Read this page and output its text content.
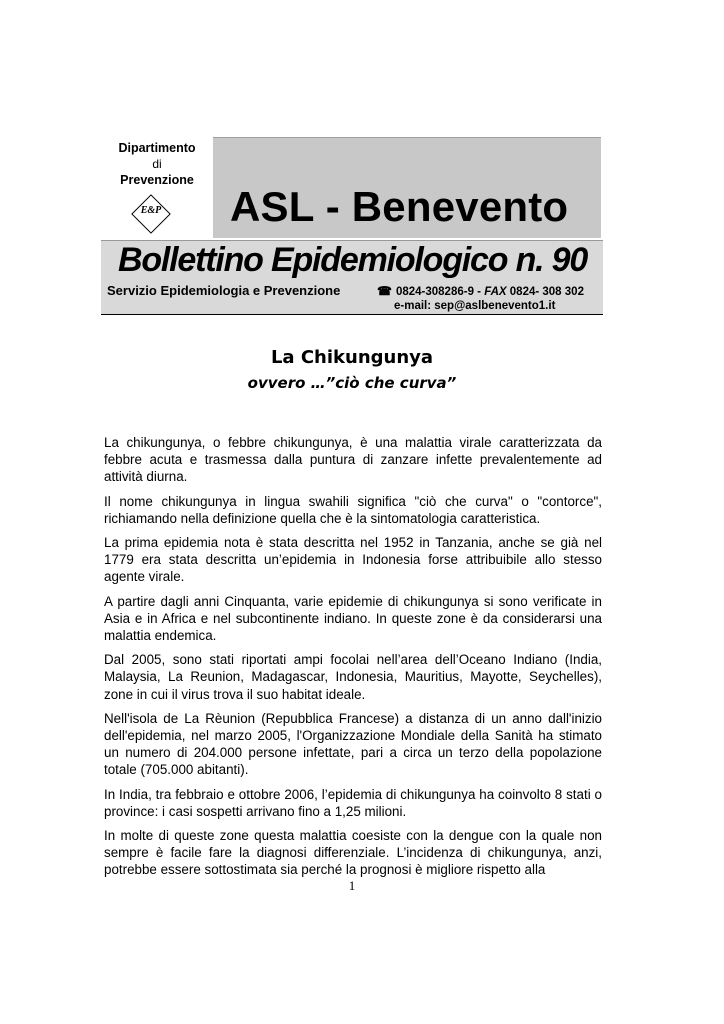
Dipartimento
di
Prevenzione
E&P ASL - Benevento
Bollettino Epidemiologico n. 90
Servizio Epidemiologia e Prevenzione	☎ 0824-308286-9 - FAX 0824- 308 302
e-mail: sep@aslbenevento1.it
La Chikungunya
ovvero …”ciò che curva”

La chikungunya, o febbre chikungunya, è una malattia virale caratterizzata da febbre acuta e trasmessa dalla puntura di zanzare infette prevalentemente ad attività diurna.

Il nome chikungunya in lingua swahili significa "ciò che curva" o "contorce", richiamando nella definizione quella che è la sintomatologia caratteristica.

La prima epidemia nota è stata descritta nel 1952 in Tanzania, anche se già nel 1779 era stata descritta un’epidemia in Indonesia forse attribuibile allo stesso agente virale.

A partire dagli anni Cinquanta, varie epidemie di chikungunya si sono verificate in Asia e in Africa e nel subcontinente indiano. In queste zone è da considerarsi una malattia endemica.

Dal 2005, sono stati riportati ampi focolai nell’area dell’Oceano Indiano (India, Malaysia, La Reunion, Madagascar, Indonesia, Mauritius, Mayotte, Seychelles), zone in cui il virus trova il suo habitat ideale.

Nell'isola de La Rèunion (Repubblica Francese) a distanza di un anno dall'inizio dell'epidemia, nel marzo 2005, l'Organizzazione Mondiale della Sanità ha stimato un numero di 204.000 persone infettate, pari a circa un terzo della popolazione totale (705.000 abitanti).

In India, tra febbraio e ottobre 2006, l’epidemia di chikungunya ha coinvolto 8 stati o province: i casi sospetti arrivano fino a 1,25 milioni.

In molte di queste zone questa malattia coesiste con la dengue con la quale non sempre è facile fare la diagnosi differenziale. L’incidenza di chikungunya, anzi, potrebbe essere sottostimata sia perché la prognosi è migliore rispetto alla

1
